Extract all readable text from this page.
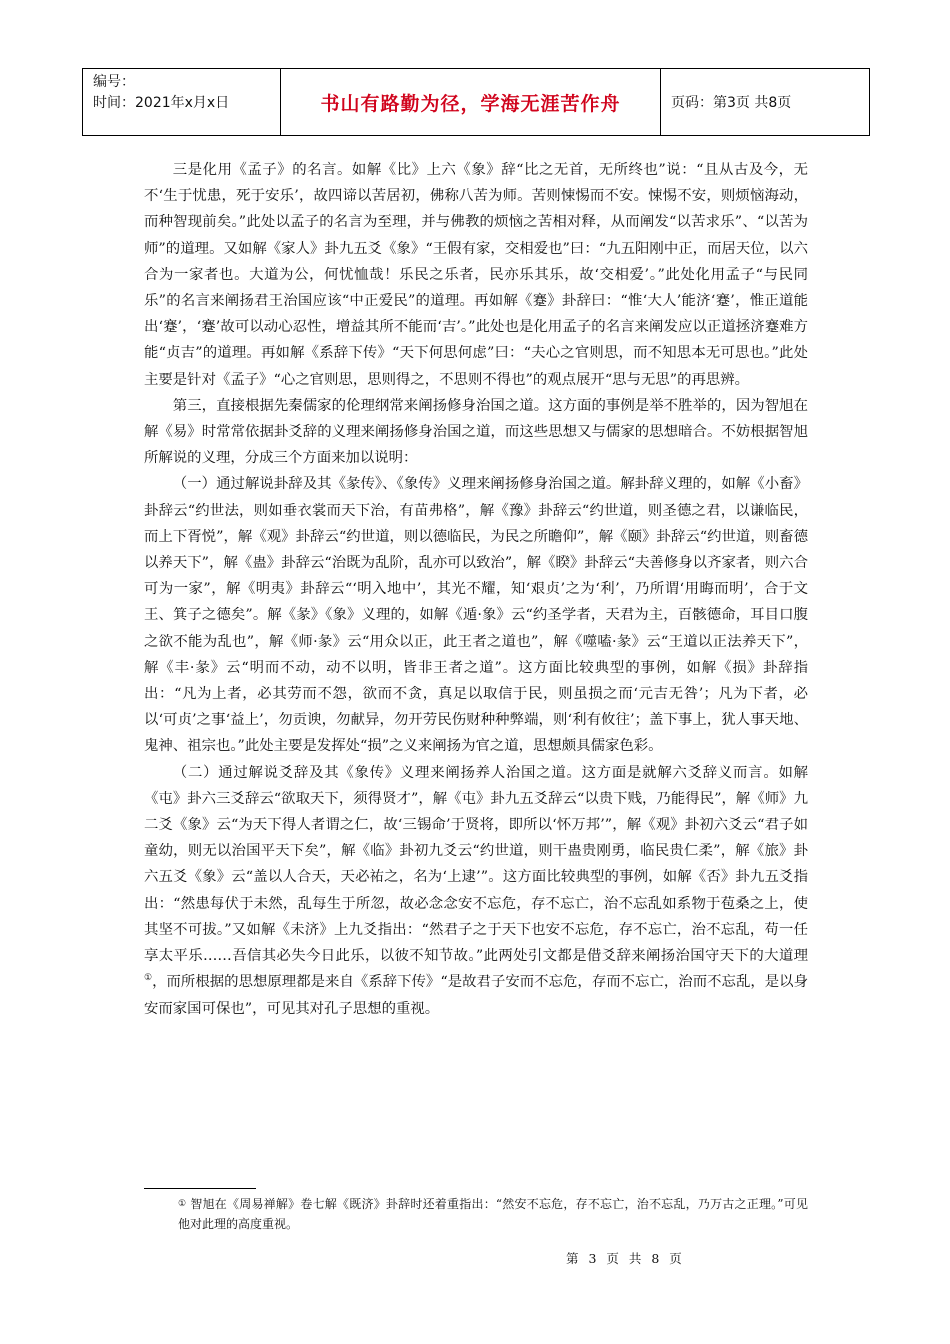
编号：
时间：2021年x月x日	书山有路勤为径，学海无涯苦作舟	页码：第3页 共8页

三是化用《孟子》的名言。如解《比》上六《象》辞“比之无首，无所终也”说：“且从古及今，无不‘生于忧患，死于安乐’，故四谛以苦居初，佛称八苦为师。苦则悚惕而不安。悚惕不安，则烦恼海动，而种智现前矣。”此处以孟子的名言为至理，并与佛教的烦恼之苦相对释，从而阐发“以苦求乐”、“以苦为师”的道理。又如解《家人》卦九五爻《象》“王假有家，交相爱也”曰：“九五阳刚中正，而居天位，以六合为一家者也。大道为公，何忧恤哉！乐民之乐者，民亦乐其乐，故‘交相爱’。”此处化用孟子“与民同乐”的名言来阐扬君王治国应该“中正爱民”的道理。再如解《蹇》卦辞曰：“惟‘大人’能济‘蹇’，惟正道能出‘蹇’，‘蹇’故可以动心忍性，增益其所不能而‘吉’。”此处也是化用孟子的名言来阐发应以正道拯济蹇难方能“贞吉”的道理。再如解《系辞下传》“天下何思何虑”曰：“夫心之官则思，而不知思本无可思也。”此处主要是针对《孟子》“心之官则思，思则得之，不思则不得也”的观点展开“思与无思”的再思辨。

第三，直接根据先秦儒家的伦理纲常来阐扬修身治国之道。这方面的事例是举不胜举的，因为智旭在解《易》时常常依据卦爻辞的义理来阐扬修身治国之道，而这些思想又与儒家的思想暗合。不妨根据智旭所解说的义理，分成三个方面来加以说明：

（一）通过解说卦辞及其《彖传》、《象传》义理来阐扬修身治国之道。解卦辞义理的，如解《小畜》卦辞云“约世法，则如垂衣裳而天下治，有苗弗格”，解《豫》卦辞云“约世道，则圣德之君，以谦临民，而上下胥悦”，解《观》卦辞云“约世道，则以德临民，为民之所瞻仰”，解《颐》卦辞云“约世道，则畜德以养天下”，解《蛊》卦辞云“治既为乱阶，乱亦可以致治”，解《睽》卦辞云“夫善修身以齐家者，则六合可为一家”，解《明夷》卦辞云“‘明入地中’，其光不耀，知‘艰贞’之为‘利’，乃所谓‘用晦而明’，合于文王、箕子之德矣”。解《彖》《象》义理的，如解《遁·象》云“约圣学者，天君为主，百骸德命，耳目口腹之欲不能为乱也”，解《师·彖》云“用众以正，此王者之道也”，解《噬嗑·彖》云“王道以正法养天下”，解《丰·彖》云“明而不动，动不以明，皆非王者之道”。这方面比较典型的事例，如解《损》卦辞指出：“凡为上者，必其劳而不怨，欲而不贪，真足以取信于民，则虽损之而‘元吉无咎’；凡为下者，必以‘可贞’之事‘益上’，勿贡谀，勿献异，勿开劳民伤财种种弊端，则‘利有攸往’；盖下事上，犹人事天地、鬼神、祖宗也。”此处主要是发挥处“损”之义来阐扬为官之道，思想颇具儒家色彩。

（二）通过解说爻辞及其《象传》义理来阐扬养人治国之道。这方面是就解六爻辞义而言。如解《屯》卦六三爻辞云“欲取天下，须得贤才”，解《屯》卦九五爻辞云“以贵下贱，乃能得民”，解《师》九二爻《象》云“为天下得人者谓之仁，故‘三锡命’于贤将，即所以‘怀万邦’”，解《观》卦初六爻云“君子如童幼，则无以治国平天下矣”，解《临》卦初九爻云“约世道，则干蛊贵刚勇，临民贵仁柔”，解《旅》卦六五爻《象》云“盖以人合天，天必祐之，名为‘上逮’”。这方面比较典型的事例，如解《否》卦九五爻指出：“然患每伏于未然，乱每生于所忽，故必念念安不忘危，存不忘亡，治不忘乱如系物于苞桑之上，使其坚不可拔。”又如解《未济》上九爻指出：“然君子之于天下也安不忘危，存不忘亡，治不忘乱，苟一任享太平乐……吾信其必失今日此乐，以彼不知节故。”此两处引文都是借爻辞来阐扬治国守天下的大道理①，而所根据的思想原理都是来自《系辞下传》“是故君子安而不忘危，存而不忘亡，治而不忘乱，是以身安而家国可保也”，可见其对孔子思想的重视。

① 智旭在《周易禅解》卷七解《既济》卦辞时还着重指出：“然安不忘危，存不忘亡，治不忘乱，乃万古之正理。”可见他对此理的高度重视。
第 3 页 共 8 页
